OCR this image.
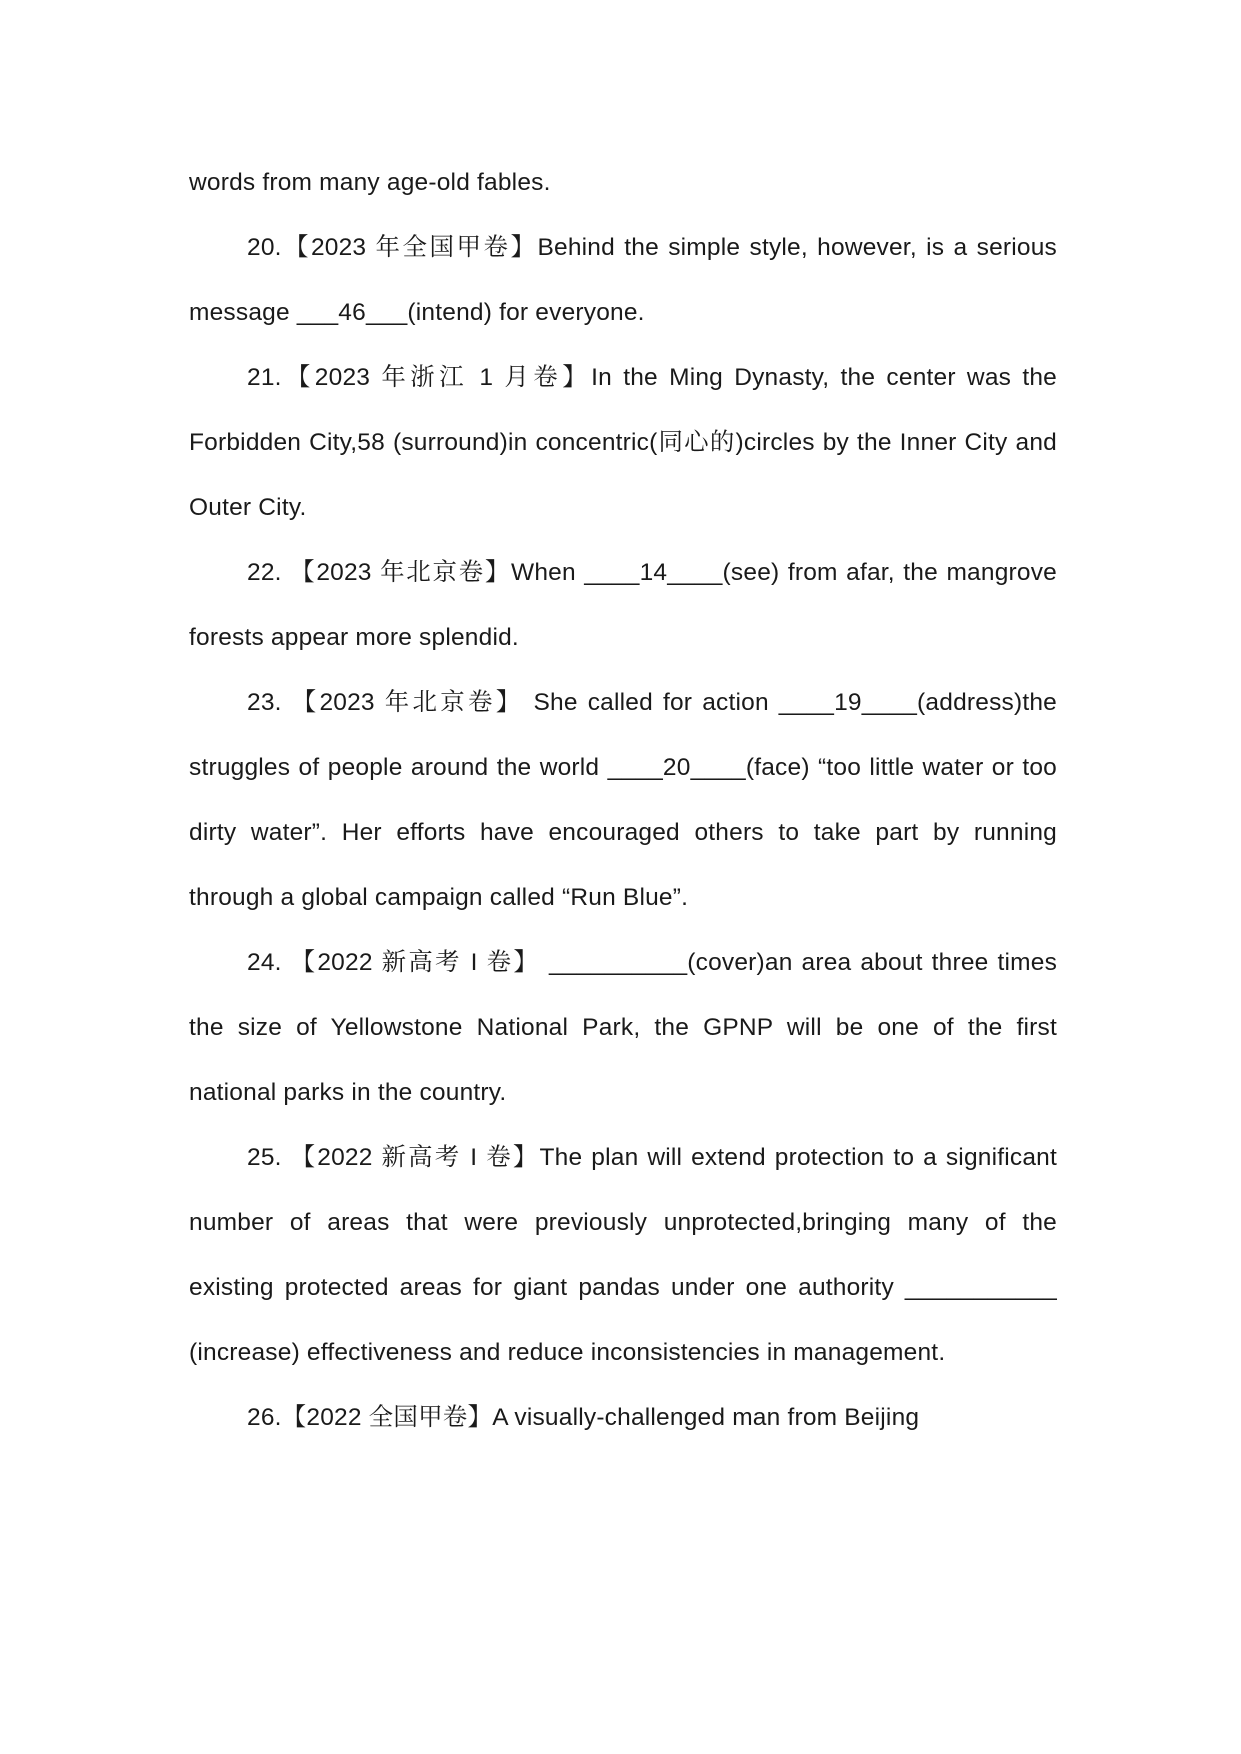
words from many age-old fables.

20.【2023 年全国甲卷】Behind the simple style, however, is a serious message ___46___(intend) for everyone.

21.【2023 年浙江 1 月卷】In the Ming Dynasty, the center was the Forbidden City,58 (surround)in concentric(同心的)circles by the Inner City and Outer City.

22. 【2023 年北京卷】When ____14____(see) from afar, the mangrove forests appear more splendid.

23. 【2023 年北京卷】 She called for action ____19____(address)the struggles of people around the world ____20____(face) “too little water or too dirty water”. Her efforts have encouraged others to take part by running through a global campaign called “Run Blue”.

24. 【2022 新高考 I 卷】 __________(cover)an area about three times the size of Yellowstone National Park, the GPNP will be one of the first national parks in the country.

25. 【2022 新高考 I 卷】The plan will extend protection to a significant number of areas that were previously unprotected,bringing many of the existing protected areas for giant pandas under one authority ___________ (increase) effectiveness and reduce inconsistencies in management.

26.【2022 全国甲卷】A visually-challenged man from Beijing
